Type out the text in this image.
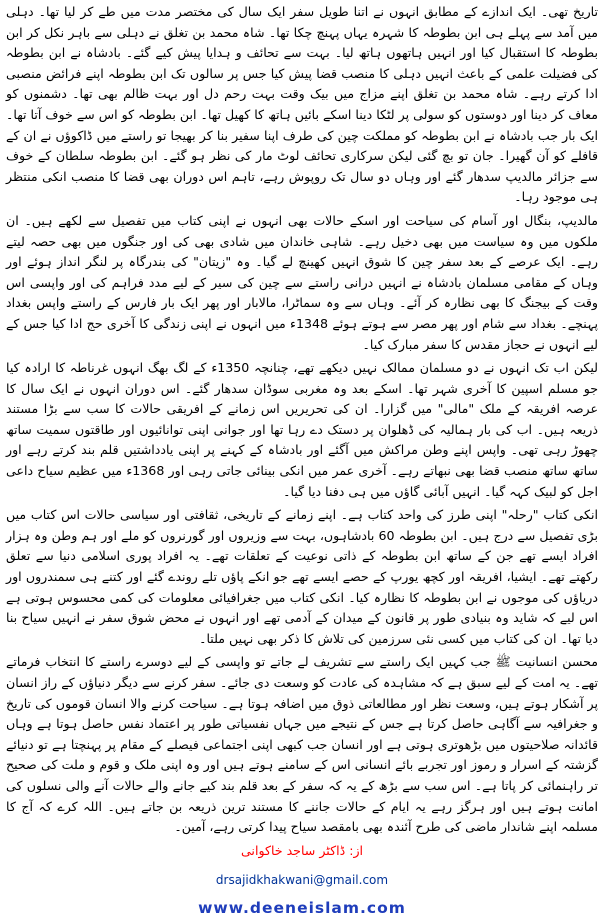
تاریخ تھی۔ ایک اندازے کے مطابق انہوں نے اتنا طویل سفر ایک سال کی مختصر مدت میں طے کر لیا تھا۔ دہلی میں آمد سے پہلے ہی ابن بطوطہ کا شہرہ یہاں پہنچ چکا تھا۔ شاہ محمد بن تغلق نے دہلی سے باہر نکل کر ابن بطوطہ کا استقبال کیا اور انہیں ہاتھوں ہاتھ لیا۔ بہت سے تحائف و ہدایا پیش کیے گئے۔ بادشاہ نے ابن بطوطہ کی فضیلت علمی کے باعث انہیں دہلی کا منصب قضا پیش کیا جس پر سالوں تک ابن بطوطہ اپنے فرائض منصبی ادا کرتے رہے۔ شاہ محمد بن تغلق اپنے مزاج میں بیک وقت بہت رحم دل اور بہت ظالم بھی تھا۔ دشمنوں کو معاف کر دینا اور دوستوں کو سولی پر لٹکا دینا اسکے بائیں ہاتھ کا کھیل تھا۔ ابن بطوطہ کو اس سے خوف آتا تھا۔ ایک بار جب بادشاہ نے ابن بطوطہ کو مملکت چین کی طرف اپنا سفیر بنا کر بھیجا تو راستے میں ڈاکوؤں نے ان کے قافلے کو آن گھیرا۔ جان تو بچ گئی لیکن سرکاری تحائف لوٹ مار کی نظر ہو گئے۔ ابن بطوطہ سلطان کے خوف سے جزائر مالدیپ سدھار گئے اور وہاں دو سال تک روپوش رہے، تاہم اس دوران بھی قضا کا منصب انکی منتظر ہی موجود رہا۔

مالدیپ، بنگال اور آسام کی سیاحت اور اسکے حالات بھی انہوں نے اپنی کتاب میں تفصیل سے لکھے ہیں۔ ان ملکوں میں وہ سیاست میں بھی دخیل رہے۔ شاہی خاندان میں شادی بھی کی اور جنگوں میں بھی حصہ لیتے رہے۔ ایک عرصے کے بعد سفر چین کا شوق انہیں کھینچ لے گیا۔ وہ "زیتان" کی بندرگاہ پر لنگر انداز ہوئے اور وہاں کے مقامی مسلمان بادشاہ نے انہیں درانی راستے سے چین کی سیر کے لیے مدد فراہم کی اور واپسی اس وقت کے بیجنگ کا بھی نظارہ کر آئے۔ وہاں سے وہ سماٹرا، مالابار اور پھر ایک بار فارس کے راستے واپس بغداد پہنچے۔ بغداد سے شام اور پھر مصر سے ہوتے ہوئے 1348ء میں انہوں نے اپنی زندگی کا آخری حج ادا کیا جس کے لیے انہوں نے حجاز مقدس کا سفر مبارک کیا۔

لیکن اب تک انہوں نے دو مسلمان ممالک نہیں دیکھے تھے، چنانچہ 1350ء کے لگ بھگ انہوں غرناطہ کا ارادہ کیا جو مسلم اسپین کا آخری شہر تھا۔ اسکے بعد وہ مغربی سوڈان سدھار گئے۔ اس دوران انہوں نے ایک سال کا عرصہ افریقہ کے ملک "مالی" میں گزارا۔ ان کی تحریریں اس زمانے کے افریقی حالات کا سب سے بڑا مستند ذریعہ ہیں۔ اب کی بار ہمالیہ کی ڈھلوان پر دستک دے رہا تھا اور جوانی اپنی توانائیوں اور طاقتوں سمیت ساتھ چھوڑ رہی تھی۔ واپس اپنے وطن مراکش میں آگئے اور بادشاہ کے کہنے پر اپنی یادداشتیں قلم بند کرتے رہے اور ساتھ ساتھ منصب قضا بھی نبھاتے رہے۔ آخری عمر میں انکی بینائی جاتی رہی اور 1368ء میں عظیم سیاح داعی اجل کو لبیک کہہ گیا۔ انہیں آبائی گاؤں میں ہی دفنا دیا گیا۔

انکی کتاب "رحلہ" اپنی طرز کی واحد کتاب ہے۔ اپنے زمانے کے تاریخی، ثقافتی اور سیاسی حالات اس کتاب میں بڑی تفصیل سے درج ہیں۔ ابن بطوطہ 60 بادشاہوں، بہت سے وزیروں اور گورنروں کو ملے اور ہم وطن وہ ہزار افراد ایسے تھے جن کے ساتھ ابن بطوطہ کے ذاتی نوعیت کے تعلقات تھے۔ یہ افراد پوری اسلامی دنیا سے تعلق رکھتے تھے۔ ایشیا، افریقہ اور کچھ یورپ کے حصے ایسے تھے جو انکے پاؤں تلے روندے گئے اور کتنے ہی سمندروں اور دریاؤں کی موجوں نے ابن بطوطہ کا نظارہ کیا۔ انکی کتاب میں جغرافیائی معلومات کی کمی محسوس ہوتی ہے اس لیے کہ شاید وہ بنیادی طور پر قانون کے میدان کے آدمی تھے اور انہوں نے محض شوق سفر نے انہیں سیاح بنا دیا تھا۔ ان کی کتاب میں کسی نئی سرزمین کی تلاش کا ذکر بھی نہیں ملتا۔

محسن انسانیت ﷺ جب کہیں ایک راستے سے تشریف لے جاتے تو واپسی کے لیے دوسرے راستے کا انتخاب فرماتے تھے۔ یہ امت کے لیے سبق ہے کہ مشاہدہ کی عادت کو وسعت دی جائے۔ سفر کرنے سے دیگر دنیاؤں کے راز انسان پر آشکار ہوتے ہیں، وسعت نظر اور مطالعاتی ذوق میں اضافہ ہوتا ہے۔ سیاحت کرنے والا انسان قوموں کی تاریخ و جغرافیہ سے آگاہی حاصل کرتا ہے جس کے نتیجے میں جہاں نفسیاتی طور پر اعتماد نفس حاصل ہوتا ہے وہاں قائدانہ صلاحیتوں میں بڑھوتری ہوتی ہے اور انسان جب کبھی اپنی اجتماعی فیصلے کے مقام پر پہنچتا ہے تو دنیائے گزشتہ کے اسرار و رموز اور تجربے بائے انسانی اس کے سامنے ہوتے ہیں اور وہ اپنی ملک و قوم و ملت کی صحیح تر راہنمائی کر پاتا ہے۔ اس سب سے بڑھ کے یہ کہ سفر کے بعد قلم بند کیے جانے والے حالات آنے والی نسلوں کی امانت ہوتے ہیں اور ہرگز رہے یہ ایام کے حالات جاننے کا مستند ترین ذریعہ بن جاتے ہیں۔ اللہ کرے کہ آج کا مسلمہ اپنے شاندار ماضی کی طرح آئندہ بھی بامقصد سیاح پیدا کرتی رہے، آمین۔

از: ڈاکٹر ساجد خاکوانی
drsajidkhakwani@gmail.com
www.deeneislam.com
